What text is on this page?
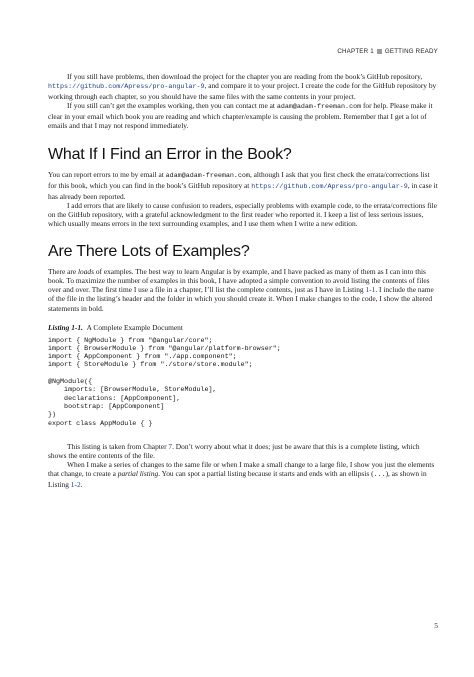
CHAPTER 1 GETTING READY

If you still have problems, then download the project for the chapter you are reading from the book’s GitHub repository, https://github.com/Apress/pro-angular-9, and compare it to your project. I create the code for the GitHub repository by working through each chapter, so you should have the same files with the same contents in your project.

If you still can’t get the examples working, then you can contact me at adam@adam-freeman.com for help. Please make it clear in your email which book you are reading and which chapter/example is causing the problem. Remember that I get a lot of emails and that I may not respond immediately.

What If I Find an Error in the Book?

You can report errors to me by email at adam@adam-freeman.com, although I ask that you first check the errata/corrections list for this book, which you can find in the book’s GitHub repository at https://github.com/Apress/pro-angular-9, in case it has already been reported.

I add errors that are likely to cause confusion to readers, especially problems with example code, to the errata/corrections file on the GitHub repository, with a grateful acknowledgment to the first reader who reported it. I keep a list of less serious issues, which usually means errors in the text surrounding examples, and I use them when I write a new edition.

Are There Lots of Examples?

There are loads of examples. The best way to learn Angular is by example, and I have packed as many of them as I can into this book. To maximize the number of examples in this book, I have adopted a simple convention to avoid listing the contents of files over and over. The first time I use a file in a chapter, I’ll list the complete contents, just as I have in Listing 1-1. I include the name of the file in the listing’s header and the folder in which you should create it. When I make changes to the code, I show the altered statements in bold.

Listing 1-1. A Complete Example Document
import { NgModule } from "@angular/core";
import { BrowserModule } from "@angular/platform-browser";
import { AppComponent } from "./app.component";
import { StoreModule } from "./store/store.module";

@NgModule({
imports: [BrowserModule, StoreModule],
declarations: [AppComponent],
bootstrap: [AppComponent]
})
export class AppModule { }

This listing is taken from Chapter 7. Don’t worry about what it does; just be aware that this is a complete listing, which shows the entire contents of the file.

When I make a series of changes to the same file or when I make a small change to a large file, I show you just the elements that change, to create a partial listing. You can spot a partial listing because it starts and ends with an ellipsis (...), as shown in Listing 1-2.

5
